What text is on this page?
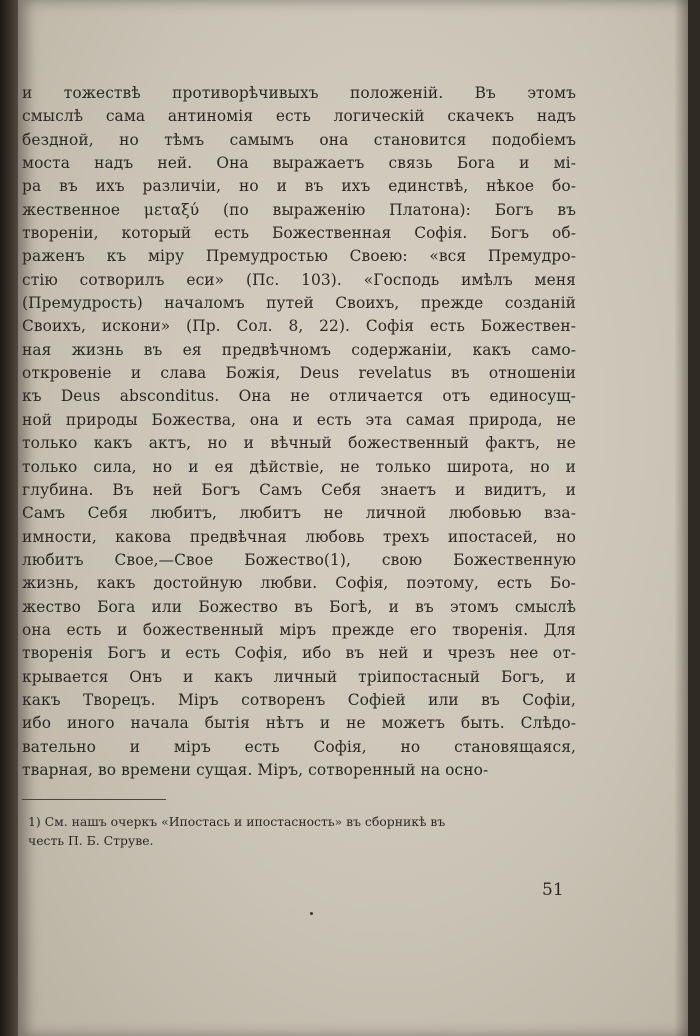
и тожествѣ противорѣчивыхъ положеній. Въ этомъ
смыслѣ сама антиномія есть логическій скачекъ надъ
бездной, но тѣмъ самымъ она становится подобіемъ
моста надъ ней. Она выражаетъ связь Бога и мі-
ра въ ихъ различіи, но и въ ихъ единствѣ, нѣкое бо-
жественное μεταξύ (по выраженію Платона): Богъ въ
твореніи, который есть Божественная Софія. Богъ об-
раженъ къ міру Премудростью Своею: «вся Премудро-
стію сотворилъ еси» (Пс. 103). «Господь имѣлъ меня
(Премудрость) началомъ путей Своихъ, прежде созданій
Своихъ, искони» (Пр. Сол. 8, 22). Софія есть Божествен-
ная жизнь въ ея предвѣчномъ содержаніи, какъ само-
откровеніе и слава Божія, Deus revelatus въ отношеніи
къ Deus absconditus. Она не отличается отъ единосущ-
ной природы Божества, она и есть эта самая природа, не
только какъ актъ, но и вѣчный божественный фактъ, не
только сила, но и ея дѣйствіе, не только широта, но и
глубина. Въ ней Богъ Самъ Себя знаетъ и видитъ, и
Самъ Себя любитъ, любитъ не личной любовью вза-
имности, какова предвѣчная любовь трехъ ипостасей, но
любитъ Свое,—Свое Божество(1), свою Божественную
жизнь, какъ достойную любви. Софія, поэтому, есть Бо-
жество Бога или Божество въ Богѣ, и въ этомъ смыслѣ
она есть и божественный міръ прежде его творенія. Для
творенія Богъ и есть Софія, ибо въ ней и чрезъ нее от-
крывается Онъ и какъ личный тріипостасный Богъ, и
какъ Творецъ. Міръ сотворенъ Софіей или въ Софіи,
ибо иного начала бытія нѣтъ и не можетъ быть. Слѣдо-
вательно и міръ есть Софія, но становящаяся,
тварная, во времени сущая. Міръ, сотворенный на осно-
1) См. нашъ очеркъ «Ипостась и ипостасность» въ сборникѣ въ
честь П. Б. Струве.
51
